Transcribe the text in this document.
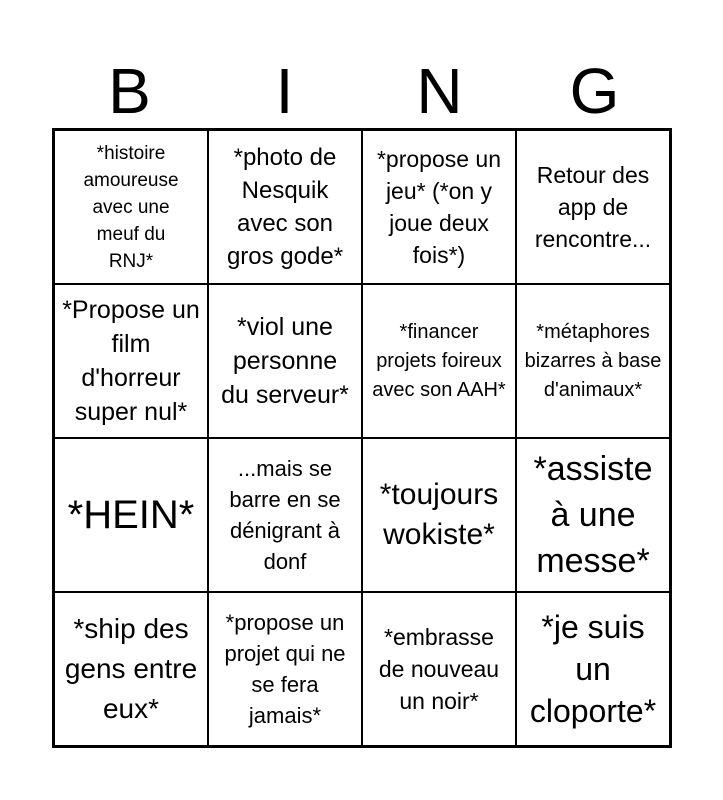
B	I	N	G
*histoire amoureuse avec une meuf du RNJ*
*photo de Nesquik avec son gros gode*
*propose un jeu* (*on y joue deux fois*)
Retour des app de rencontre...
*Propose un film d'horreur super nul*
*viol une personne du serveur*
*financer projets foireux avec son AAH*
*métaphores bizarres à base d'animaux*
*HEIN*
...mais se barre en se dénigrant à donf
*toujours wokiste*
*assiste à une messe*
*ship des gens entre eux*
*propose un projet qui ne se fera jamais*
*embrasse de nouveau un noir*
*je suis un cloporte*
